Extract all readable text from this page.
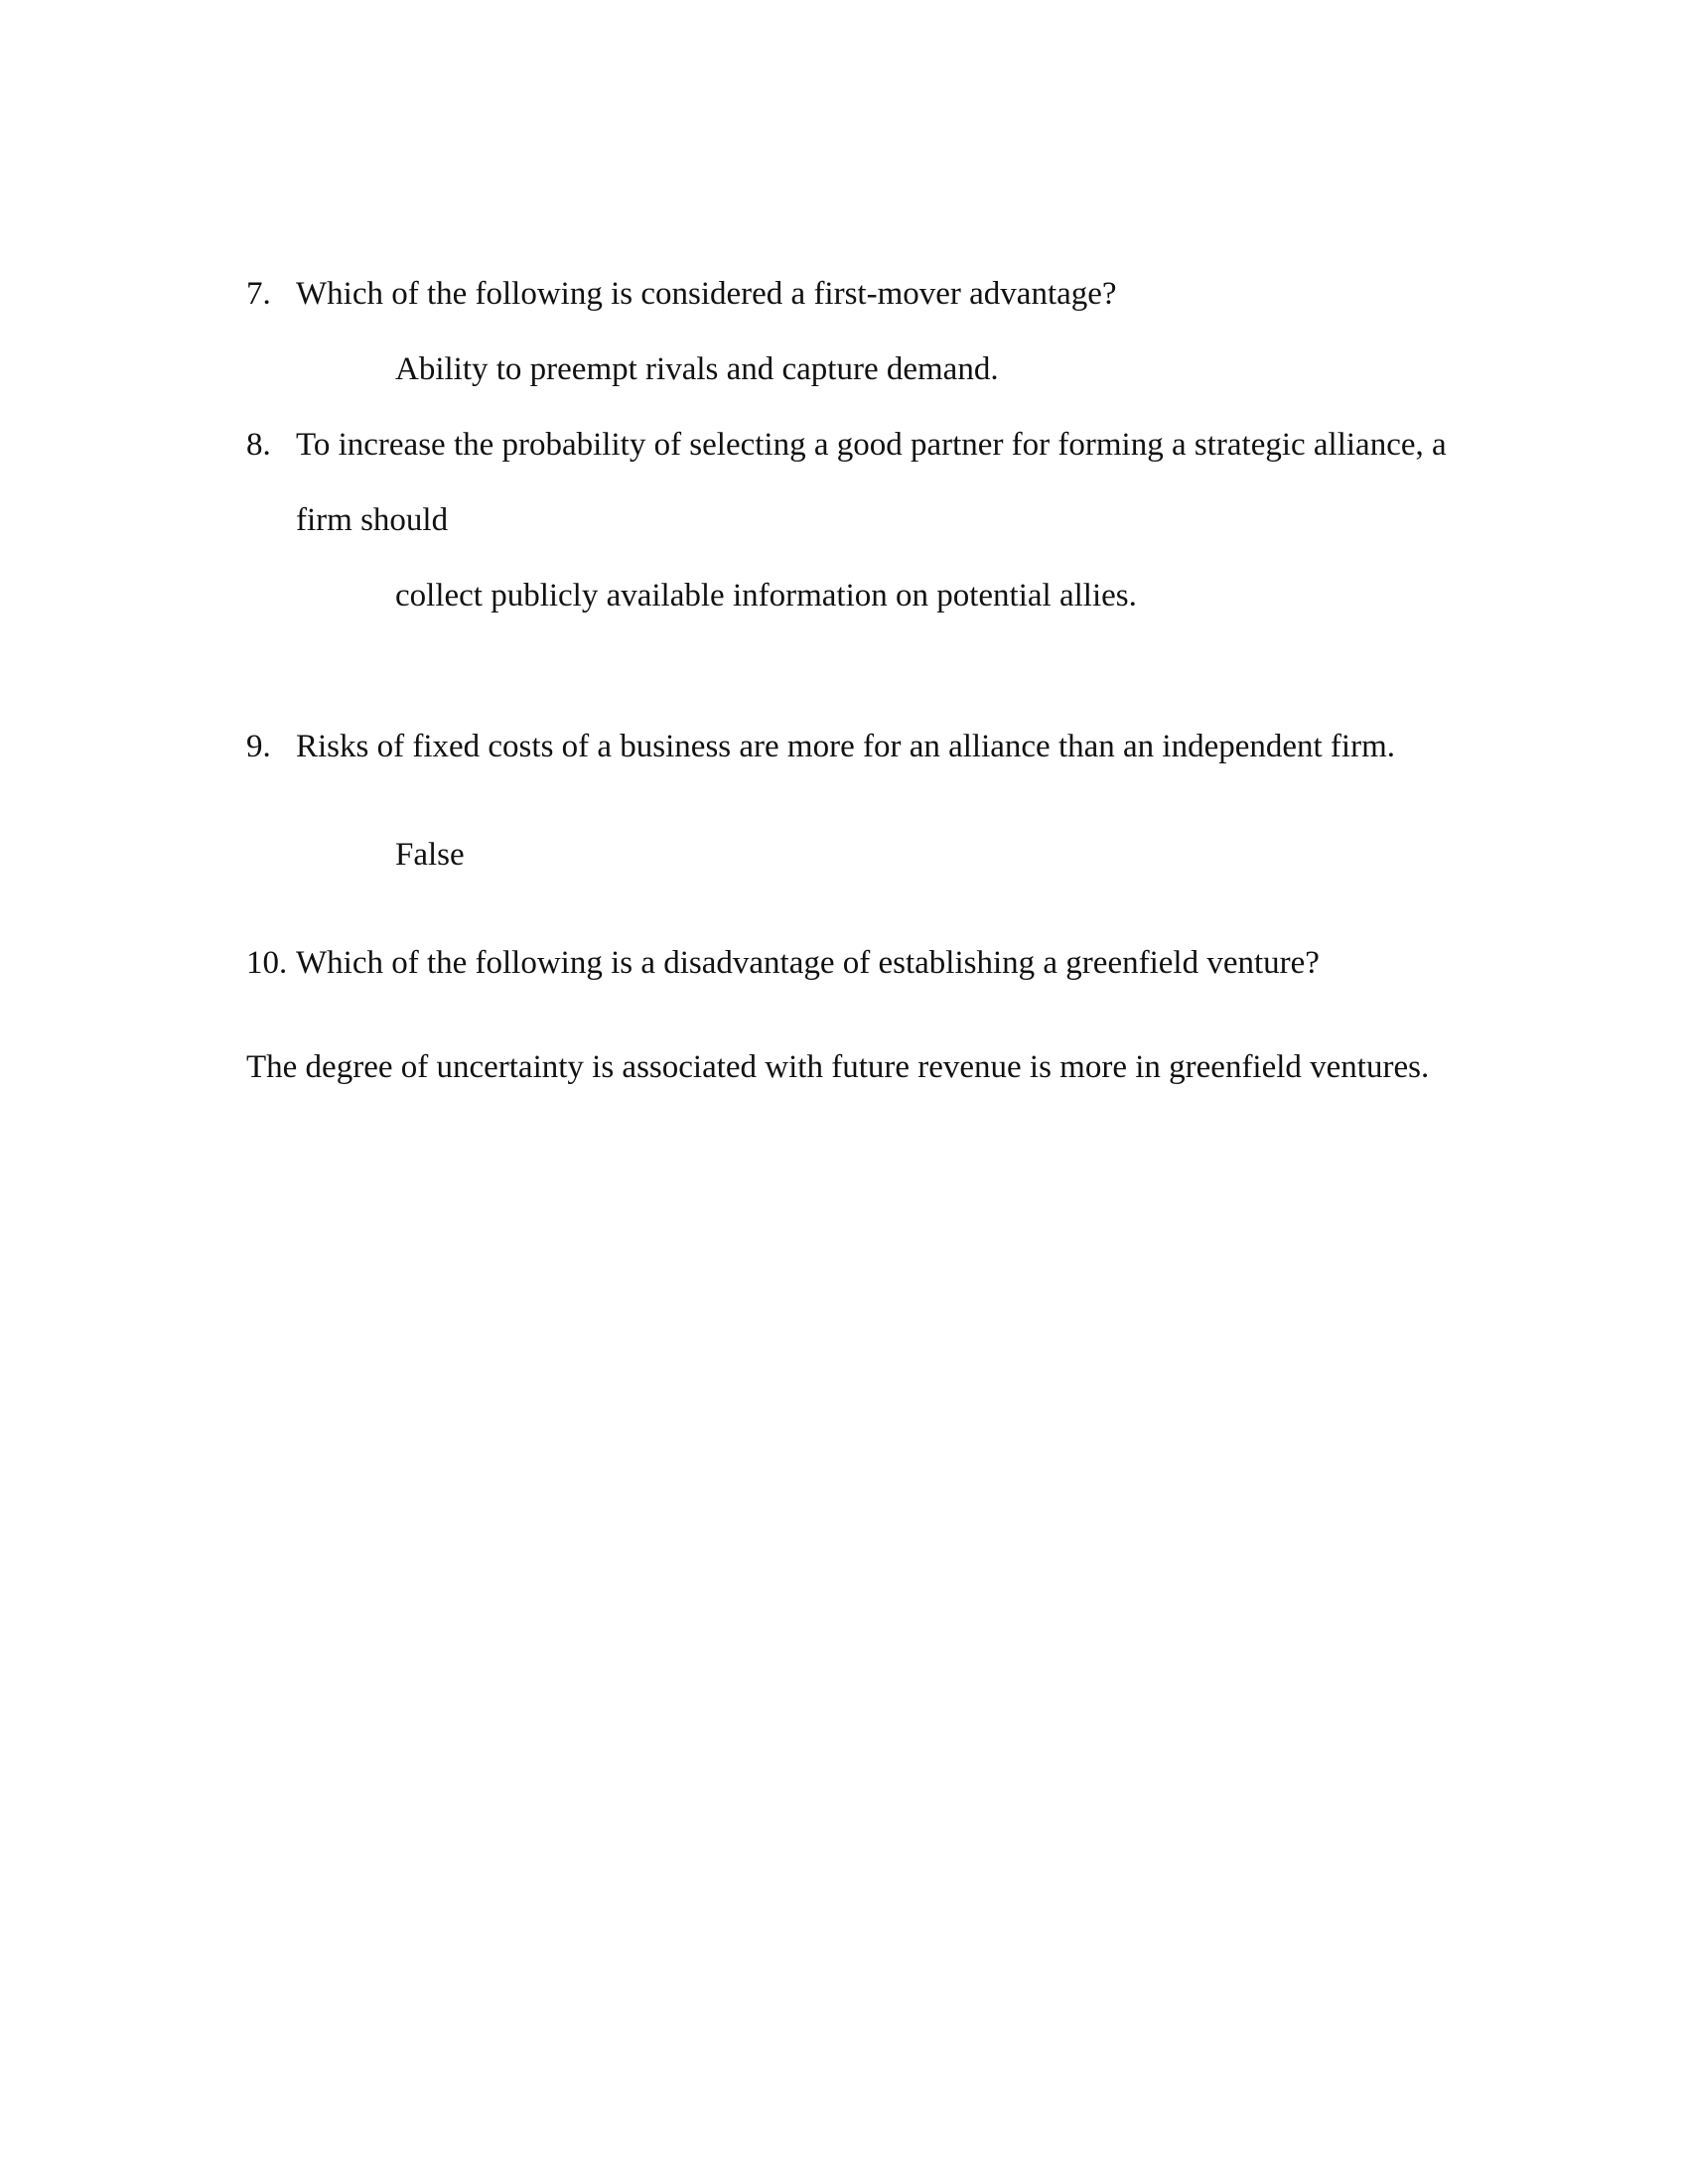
7. Which of the following is considered a first-mover advantage?
Ability to preempt rivals and capture demand.
8. To increase the probability of selecting a good partner for forming a strategic alliance, a
firm should
collect publicly available information on potential allies.
9. Risks of fixed costs of a business are more for an alliance than an independent firm.
False
10. Which of the following is a disadvantage of establishing a greenfield venture?
The degree of uncertainty is associated with future revenue is more in greenfield ventures.
